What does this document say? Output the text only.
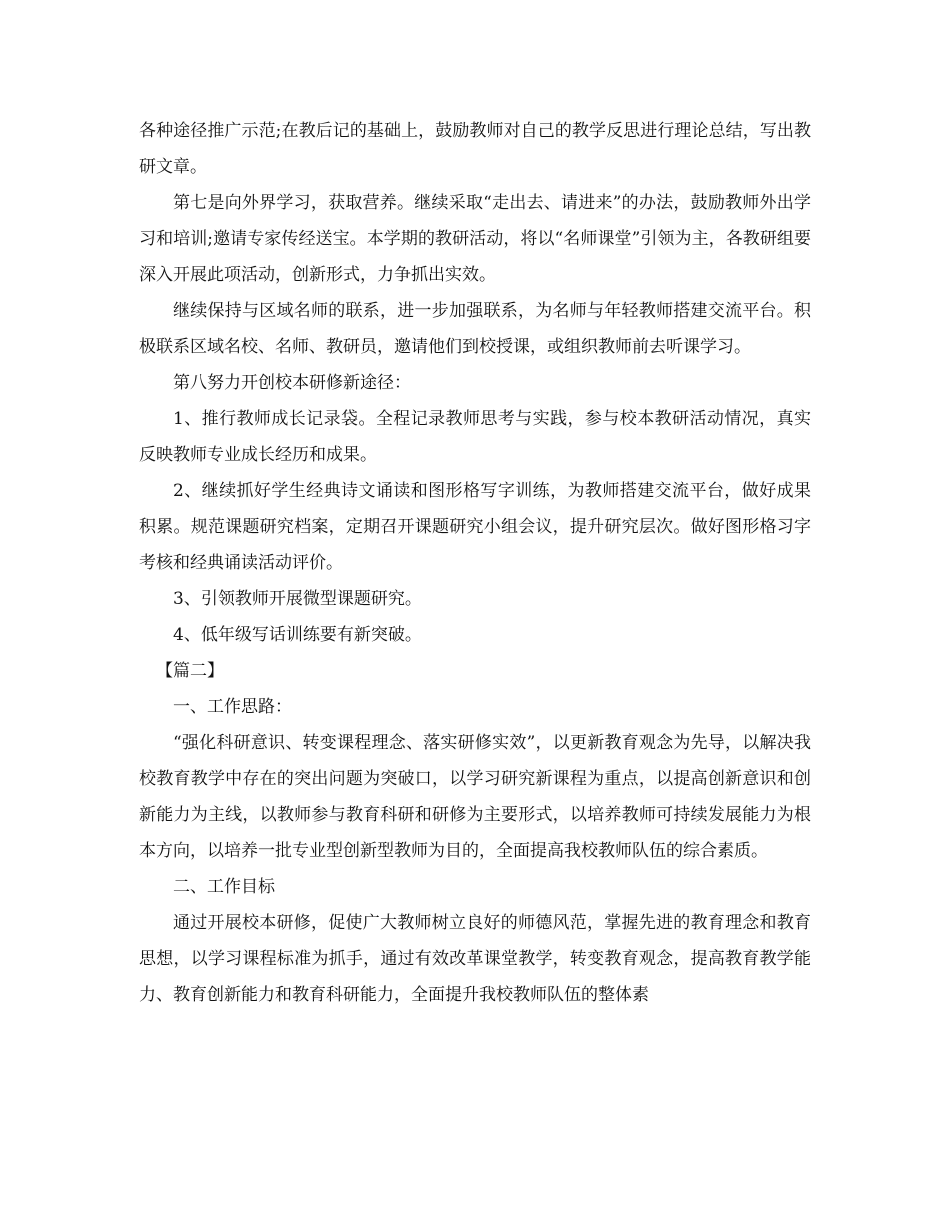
各种途径推广示范;在教后记的基础上，鼓励教师对自己的教学反思进行理论总结，写出教研文章。

第七是向外界学习，获取营养。继续采取“走出去、请进来”的办法，鼓励教师外出学习和培训;邀请专家传经送宝。本学期的教研活动，将以“名师课堂”引领为主，各教研组要深入开展此项活动，创新形式，力争抓出实效。

继续保持与区域名师的联系，进一步加强联系，为名师与年轻教师搭建交流平台。积极联系区域名校、名师、教研员，邀请他们到校授课，或组织教师前去听课学习。

第八努力开创校本研修新途径：

1、推行教师成长记录袋。全程记录教师思考与实践，参与校本教研活动情况，真实反映教师专业成长经历和成果。

2、继续抓好学生经典诗文诵读和图形格写字训练，为教师搭建交流平台，做好成果积累。规范课题研究档案，定期召开课题研究小组会议，提升研究层次。做好图形格习字考核和经典诵读活动评价。

3、引领教师开展微型课题研究。

4、低年级写话训练要有新突破。

【篇二】

一、工作思路：

“强化科研意识、转变课程理念、落实研修实效”，以更新教育观念为先导，以解决我校教育教学中存在的突出问题为突破口，以学习研究新课程为重点，以提高创新意识和创新能力为主线，以教师参与教育科研和研修为主要形式，以培养教师可持续发展能力为根本方向，以培养一批专业型创新型教师为目的，全面提高我校教师队伍的综合素质。

二、工作目标

通过开展校本研修，促使广大教师树立良好的师德风范，掌握先进的教育理念和教育思想，以学习课程标准为抓手，通过有效改革课堂教学，转变教育观念，提高教育教学能力、教育创新能力和教育科研能力，全面提升我校教师队伍的整体素
